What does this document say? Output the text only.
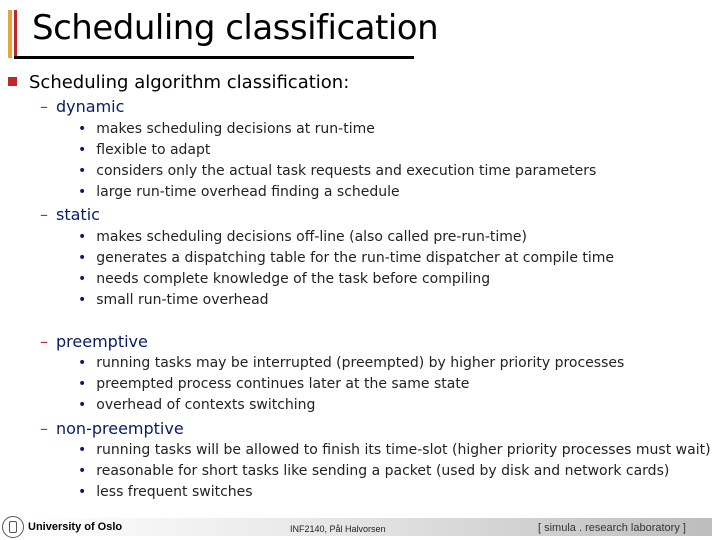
Scheduling classification
Scheduling algorithm classification:
– dynamic
• makes scheduling decisions at run-time
• flexible to adapt
• considers only the actual task requests and execution time parameters
• large run-time overhead finding a schedule
– static
• makes scheduling decisions off-line (also called pre-run-time)
• generates a dispatching table for the run-time dispatcher at compile time
• needs complete knowledge of the task before compiling
• small run-time overhead
– preemptive
• running tasks may be interrupted (preempted) by higher priority processes
• preempted process continues later at the same state
• overhead of contexts switching
– non-preemptive
• running tasks will be allowed to finish its time-slot (higher priority processes must wait)
• reasonable for short tasks like sending a packet (used by disk and network cards)
• less frequent switches
University of Oslo	INF2140, Pål Halvorsen	[ simula . research laboratory ]
